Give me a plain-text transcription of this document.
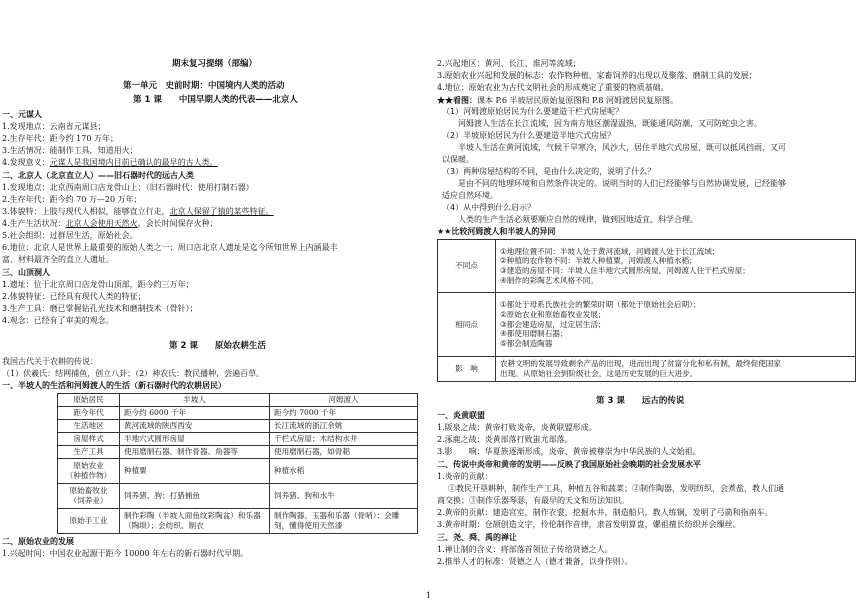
期末复习提纲（部编）
第一单元　史前时期：中国境内人类的活动
第 1 课　　中国早期人类的代表——北京人
一、元谋人
1.发现地点：云南省元谋县；
2.生存年代：距今约 170 万年；
3.生活情况：能制作工具，知道用火；
4.发现意义：元谋人是我国境内目前已确认的最早的古人类。
二、北京人（北京直立人）——旧石器时代的远古人类
1.发现地点：北京西南周口店龙骨山上；（旧石器时代：使用打制石器）
2.生存年代：距今约 70 万—20 万年；
3.体貌特：上肢与现代人相似，能够直立行走，北京人保留了猿的某些特征。
4.生产生活状况：北京人会使用天然火，会长时间保存火种；
5.社会组织：过群居生活，原始社会。
6.地位：北京人是世界上最重要的原始人类之一；周口店北京人遗址是迄今所知世界上内涵最丰
富、材料最齐全的直立人遗址。
三、山顶洞人
1.遗址：位于北京周口店龙骨山顶部，距今约三万年；
2.体貌特征：已经具有现代人类的特征；
3.生产工具：磨已掌握钻孔光技术和磨制技术（骨针）；
4.观念：已经有了审美的观念。
第 2 课　　原始农耕生活
我国古代关于农耕的传说：
（1）伏羲氏：结网捕鱼，创立八卦；（2）神农氏：教民播种，尝遍百草。
一、半坡人的生活和河姆渡人的生活（新石器时代的农耕居民）
原始居民	半坡人	河姆渡人
距今年代	距今约 6000 千年	距今约 7000 千年
生活地区	黄河流域的陕西西安	长江流域的浙江余姚
房屋样式	半地穴式圆形房屋	干栏式房屋；木结构水井
生产工具	使用磨制石器、制作骨器、角器等	使用磨制石器，如骨耜
原始农业
（种植作物）	种植粟	种植水稻
原始畜牧业
（饲养业）	饲养猪、狗；打猎捕鱼	饲养猪、狗和水牛
原始手工业	制作彩陶（半坡人面鱼纹彩陶盆）和乐器（陶埙）；会纺织、制衣	制作陶器、玉器和乐器（骨哨）；会雕刻，懂得使用天然漆
二、原始农业的发展
1.兴起时间：中国农业起源于距今 10000 年左右的新石器时代早期。
2.兴起地区：黄河、长江、淮河等流域；
3.原始农业兴起和发展的标志：农作物种植、家畜饲养的出现以及聚落、磨制工具的发展；
4.地位：原始农业为古代文明社会的形成奠定了重要的物质基础。
★★看图：课本 P.6 半坡居民原始复原图和 P.8 河姆渡居民复原图。
（1）河姆渡原始居民为什么要建造干栏式房屋呢？
河姆渡人生活在长江流域，因为南方地区潮湿温热，既能通风防潮，又可防蛇虫之害。
（2）半坡原始居民为什么要建造半地穴式房屋？
半坡人生活在黄河流域，气候干旱寒冷，风沙大，居住半地穴式房屋，既可以抵风挡雨，又可
以保暖。
（3）两种房屋结构的不同，是由什么决定的，说明了什么？
是由不同的地理环境和自然条件决定的。说明当时的人们已经能够与自然协调发展，已经能够
适应自然环境。
（4）从中得到什么启示？
人类的生产生活必须要顺应自然的规律，做到因地适宜、科学合理。
★★比较河姆渡人和半坡人的异同
不同点	①地理位置不同：半坡人处于黄河流域，河姆渡人处于长江流域；
②种植的农作物不同：半坡人种植粟，河姆渡人种植水稻；
③建造的房屋不同：半坡人住半地穴式圆形房屋，河姆渡人住干栏式房屋；
④制作的彩陶艺术风格不同。

相同点	①都处于母系氏族社会的繁荣时期（都处于原始社会后期）；
②原始农业和原始畜牧业发展；
③都会建造房屋，过定居生活；
④都使用磨制石器；
⑤都会制造陶器

影　响	农耕文明的发展导致剩余产品的出现，进而出现了贫富分化和私有制，最终促使国家
出现。从原始社会到阶级社会，这是历史发展的巨大进步。
第 3 课　　远古的传说
一、炎黄联盟
1.阪泉之战：黄帝打败炎帝，炎黄联盟形成。
2.涿鹿之战：炎黄部落打败蚩尤部落。
3.影　　响：华夏族逐渐形成，炎帝、黄帝被尊崇为中华民族的人文始祖。
二、传说中炎帝和黄帝的发明——反映了我国原始社会晚期的社会发展水平
1.炎帝的贡献：
①教民开垦耕种，制作生产工具，种植五谷和蔬菜；②制作陶器，发明纺织，会煮盐，教人们通
商交换；③制作乐器琴瑟，有最早的天文和历法知识。
2.黄帝的贡献：建造宫室，制作衣裳，挖掘水井，制造船只，教人练铜，发明了弓箭和指南车。
3.黄帝时期：仓颉创造文字，伶伦制作音律，隶首发明算盘，嫘祖擅长纺织并会缫丝。
三、尧、舜、禹的禅让
1.禅让制的含义：将部落首领位子传给贤德之人。
2.推举人才的标准：贤德之人（德才兼备，以身作则）。
1
